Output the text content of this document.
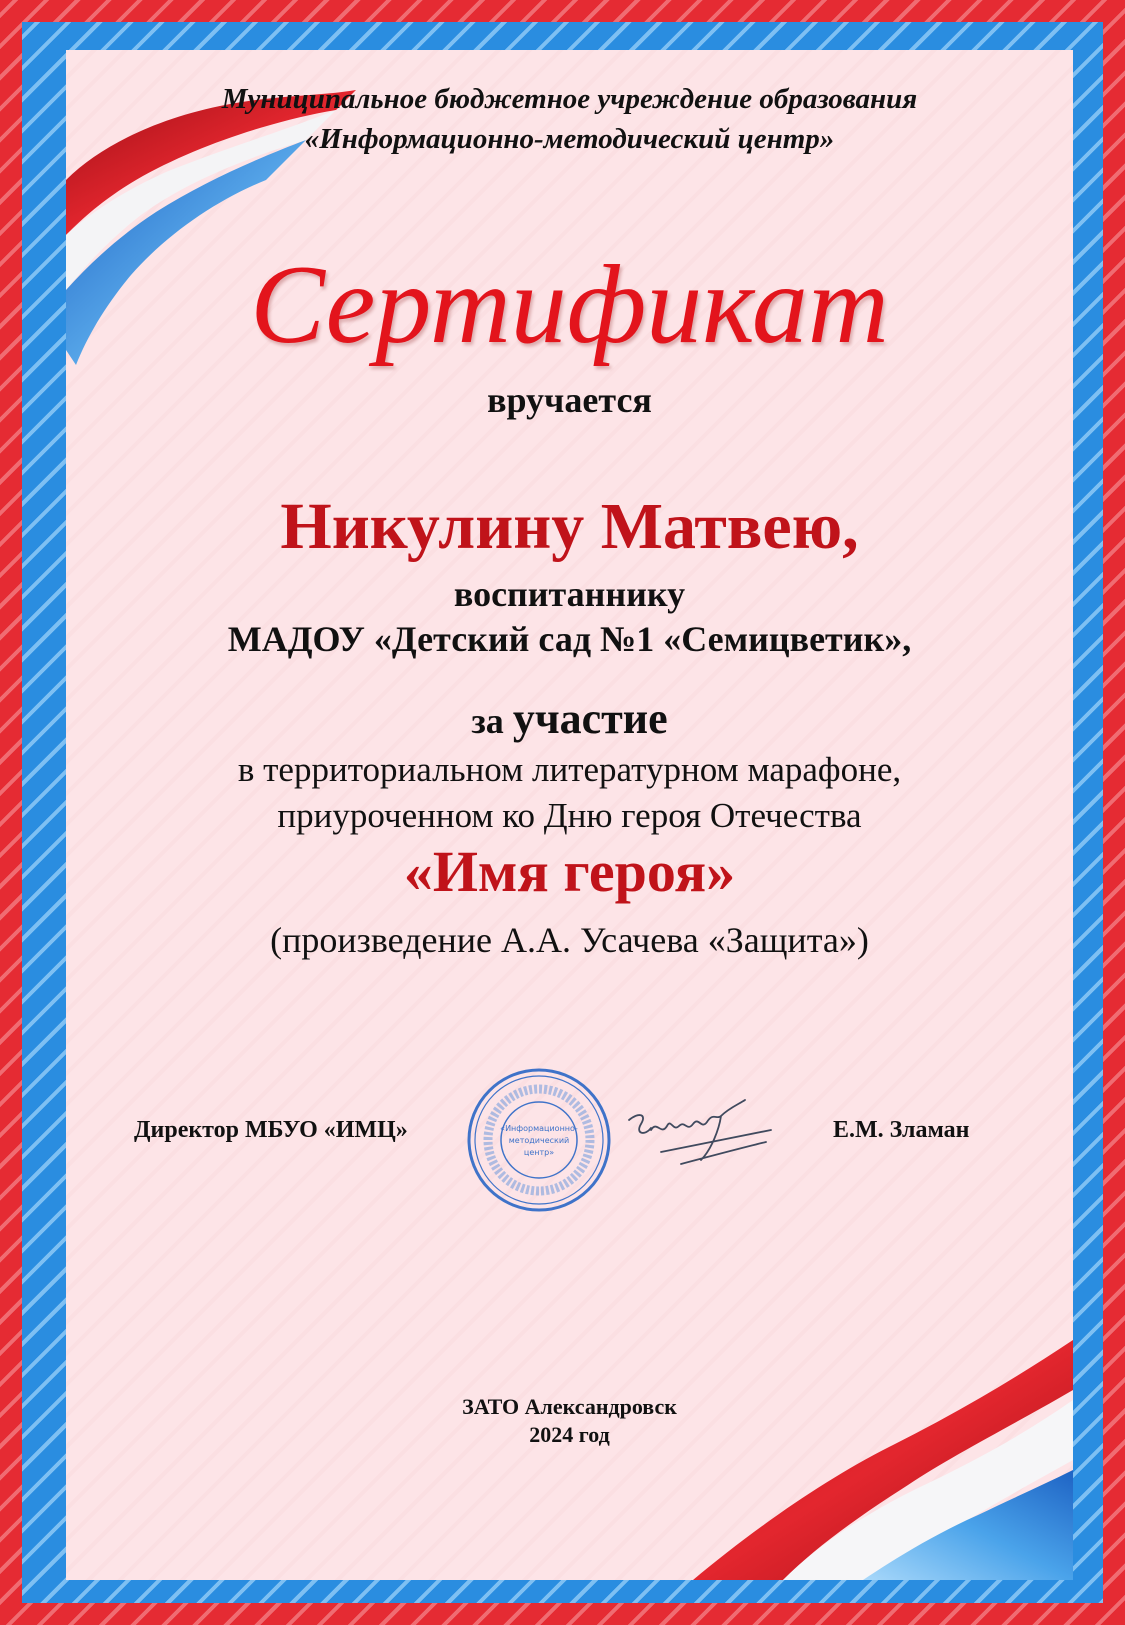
Муниципальное бюджетное учреждение образования
«Информационно-методический центр»
Сертификат
вручается
Никулину Матвею,
воспитаннику
МАДОУ «Детский сад №1 «Семицветик»,
за участие
в территориальном литературном марафоне,
приуроченном ко Дню героя Отечества
«Имя героя»
(произведение А.А. Усачева «Защита»)
Директор МБУО «ИМЦ»	«Информационно-
методический
центр»
Е.М. Зламан
ЗАТО Александровск
2024 год
